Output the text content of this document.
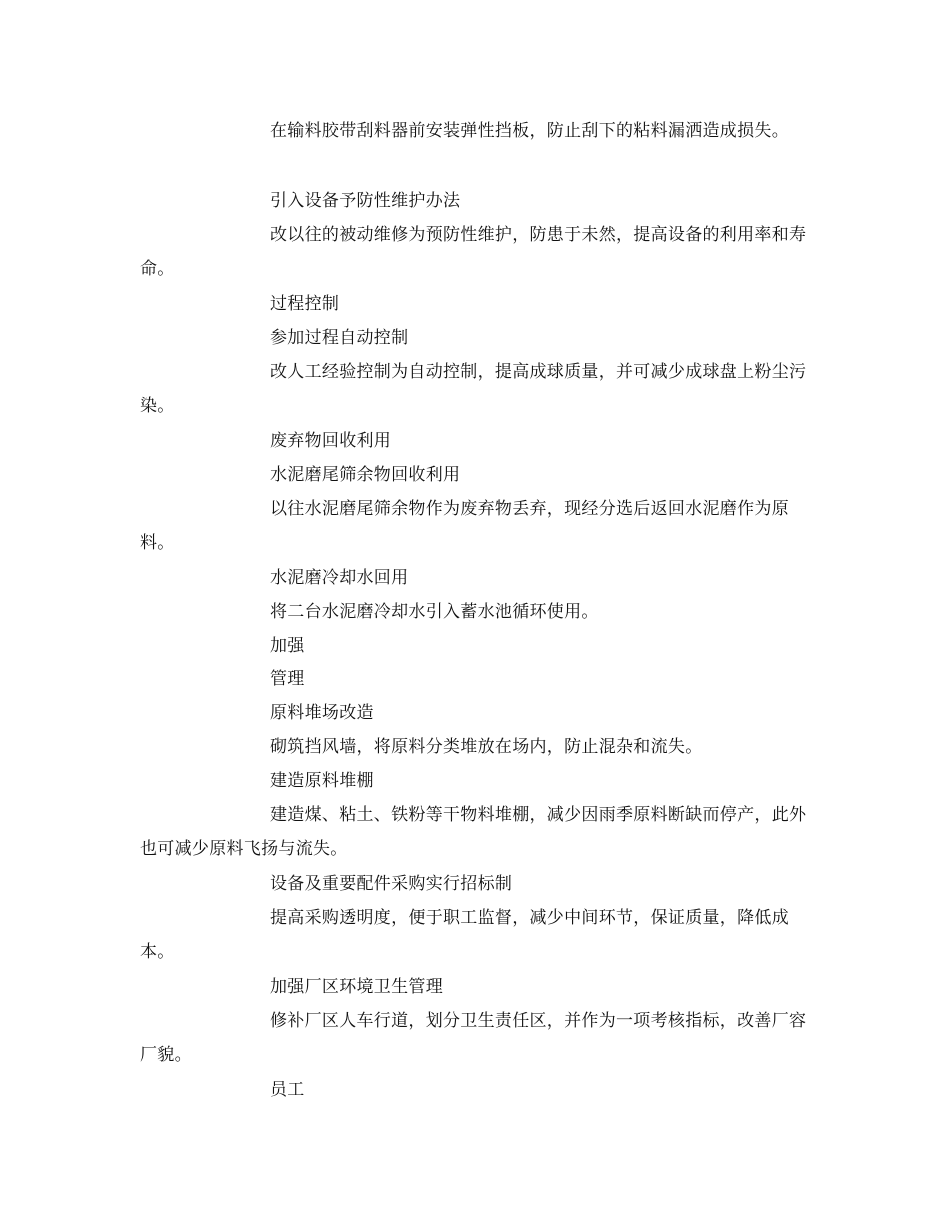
在输料胶带刮料器前安装弹性挡板，防止刮下的粘料漏洒造成损失。

引入设备予防性维护办法

改以往的被动维修为预防性维护，防患于未然，提高设备的利用率和寿命。

过程控制

参加过程自动控制

改人工经验控制为自动控制，提高成球质量，并可减少成球盘上粉尘污染。

废弃物回收利用

水泥磨尾筛余物回收利用

以往水泥磨尾筛余物作为废弃物丢弃，现经分选后返回水泥磨作为原料。

水泥磨冷却水回用

将二台水泥磨冷却水引入蓄水池循环使用。

加强

管理

原料堆场改造

砌筑挡风墙，将原料分类堆放在场内，防止混杂和流失。

建造原料堆棚

建造煤、粘土、铁粉等干物料堆棚，减少因雨季原料断缺而停产，此外也可减少原料飞扬与流失。

设备及重要配件采购实行招标制

提高采购透明度，便于职工监督，减少中间环节，保证质量，降低成本。

加强厂区环境卫生管理

修补厂区人车行道，划分卫生责任区，并作为一项考核指标，改善厂容厂貌。

员工
